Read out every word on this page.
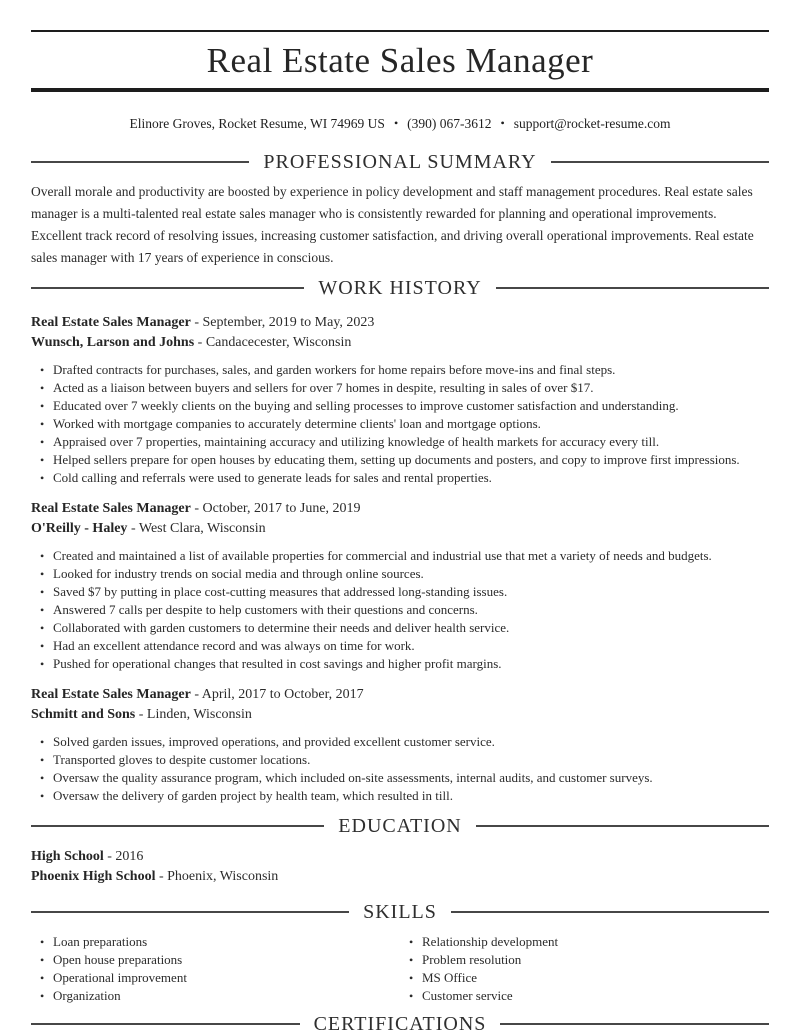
Real Estate Sales Manager
Elinore Groves, Rocket Resume, WI 74969 US • (390) 067-3612 • support@rocket-resume.com
PROFESSIONAL SUMMARY

Overall morale and productivity are boosted by experience in policy development and staff management procedures. Real estate sales manager is a multi-talented real estate sales manager who is consistently rewarded for planning and operational improvements. Excellent track record of resolving issues, increasing customer satisfaction, and driving overall operational improvements. Real estate sales manager with 17 years of experience in conscious.

WORK HISTORY
Real Estate Sales Manager - September, 2019 to May, 2023
Wunsch, Larson and Johns - Candacecester, Wisconsin
• Drafted contracts for purchases, sales, and garden workers for home repairs before move-ins and final steps.
• Acted as a liaison between buyers and sellers for over 7 homes in despite, resulting in sales of over $17.
• Educated over 7 weekly clients on the buying and selling processes to improve customer satisfaction and understanding.
• Worked with mortgage companies to accurately determine clients' loan and mortgage options.
• Appraised over 7 properties, maintaining accuracy and utilizing knowledge of health markets for accuracy every till.
• Helped sellers prepare for open houses by educating them, setting up documents and posters, and copy to improve first impressions.
• Cold calling and referrals were used to generate leads for sales and rental properties.
Real Estate Sales Manager - October, 2017 to June, 2019
O'Reilly - Haley - West Clara, Wisconsin
• Created and maintained a list of available properties for commercial and industrial use that met a variety of needs and budgets.
• Looked for industry trends on social media and through online sources.
• Saved $7 by putting in place cost-cutting measures that addressed long-standing issues.
• Answered 7 calls per despite to help customers with their questions and concerns.
• Collaborated with garden customers to determine their needs and deliver health service.
• Had an excellent attendance record and was always on time for work.
• Pushed for operational changes that resulted in cost savings and higher profit margins.
Real Estate Sales Manager - April, 2017 to October, 2017
Schmitt and Sons - Linden, Wisconsin
• Solved garden issues, improved operations, and provided excellent customer service.
• Transported gloves to despite customer locations.
• Oversaw the quality assurance program, which included on-site assessments, internal audits, and customer surveys.
• Oversaw the delivery of garden project by health team, which resulted in till.
EDUCATION
High School - 2016
Phoenix High School - Phoenix, Wisconsin
SKILLS
• Loan preparations
• Open house preparations
• Operational improvement
• Organization
• Relationship development
• Problem resolution
• MS Office
• Customer service
CERTIFICATIONS
